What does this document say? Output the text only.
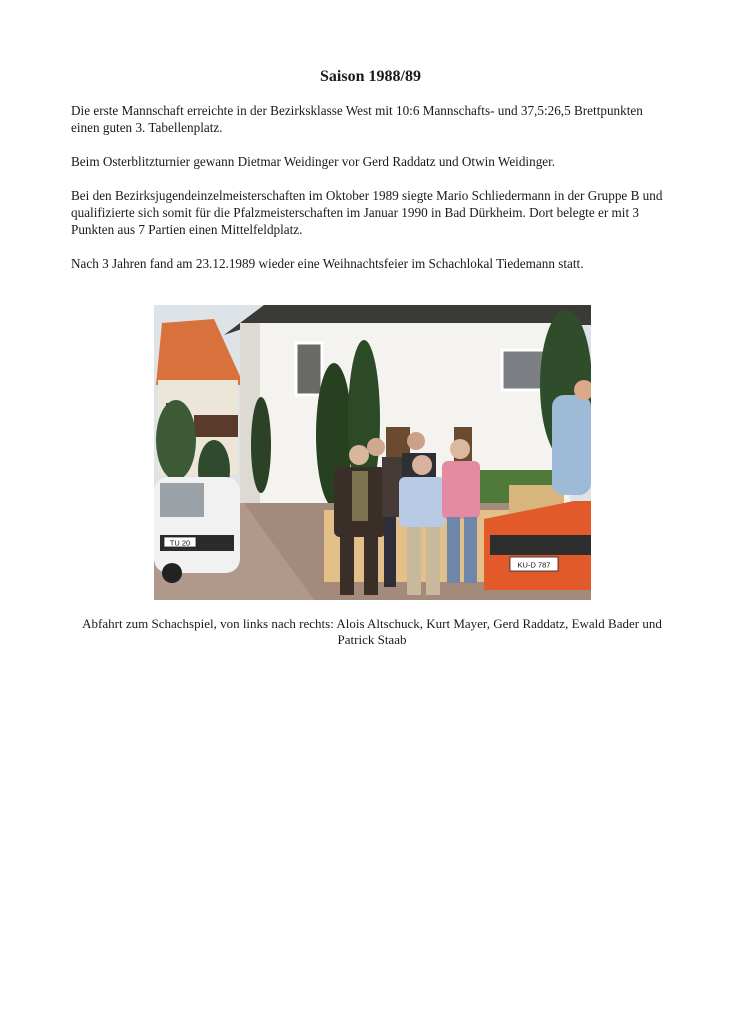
Saison 1988/89
Die erste Mannschaft erreichte in der Bezirksklasse West mit 10:6 Mannschafts- und 37,5:26,5 Brettpunkten einen guten 3. Tabellenplatz.
Beim Osterblitzturnier gewann Dietmar Weidinger vor Gerd Raddatz und Otwin Weidinger.
Bei den Bezirksjugendeinzelmeisterschaften im Oktober 1989 siegte Mario Schliedermann in der Gruppe B und qualifizierte sich somit für die Pfalzmeisterschaften im Januar 1990 in Bad Dürkheim. Dort belegte er mit 3 Punkten aus 7 Partien einen Mittelfeldplatz.
Nach 3 Jahren fand am 23.12.1989 wieder eine Weihnachtsfeier im Schachlokal Tiedemann statt.
TU 20
KU-D 787
Abfahrt zum Schachspiel, von links nach rechts: Alois Altschuck, Kurt Mayer, Gerd Raddatz, Ewald Bader und Patrick Staab
